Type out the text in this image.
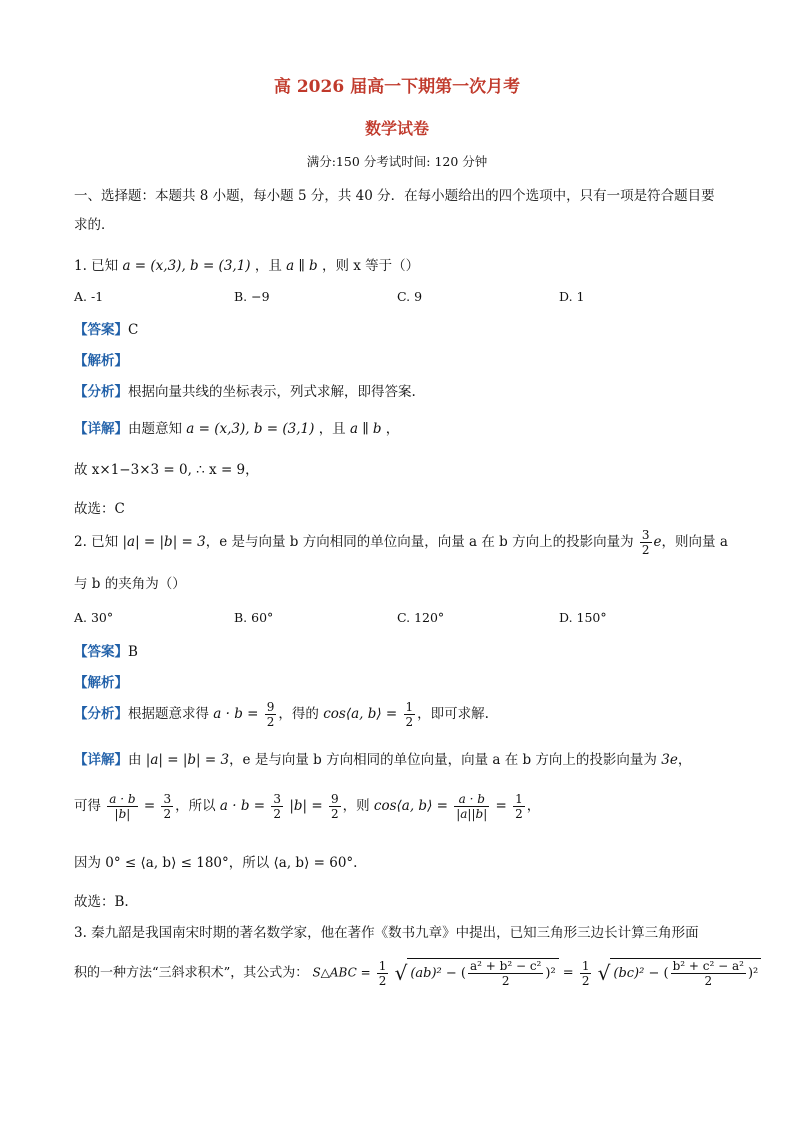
高 2026 届高一下期第一次月考
数学试卷
满分:150 分考试时间: 120 分钟
一、选择题：本题共 8 小题，每小题 5 分，共 40 分．在每小题给出的四个选项中，只有一项是符合题目要
求的．
1. 已知 a = (x,3), b = (3,1) ，且 a ∥ b ，则 x 等于（）
A. -1	B. −9	C. 9	D. 1
【答案】C
【解析】
【分析】根据向量共线的坐标表示，列式求解，即得答案.
【详解】由题意知 a = (x,3), b = (3,1) ，且 a ∥ b ，
故 x×1−3×3 = 0, ∴ x = 9，
故选：C
2. 已知 |a| = |b| = 3，e 是与向量 b 方向相同的单位向量，向量 a 在 b 方向上的投影向量为 $\frac{3}{2}$ e，则向量 a
与 b 的夹角为（）
A. 30°	B. 60°	C. 120°	D. 150°
【答案】B
【解析】
【分析】根据题意求得 $a \cdot b = \frac{9}{2}$ ，得的 cos⟨a, b⟩ = $\frac{1}{2}$ ，即可求解.
【详解】由 |a| = |b| = 3，e 是与向量 b 方向相同的单位向量，向量 a 在 b 方向上的投影向量为 3e，
可得 $\frac{a \cdot b}{|b|} = \frac{3}{2}$ ，所以 $a \cdot b = \frac{3}{2} |b| = \frac{9}{2}$ ，则 cos⟨a, b⟩ = $\frac{a \cdot b}{|a||b|} = \frac{1}{2}$ ，
因为 0° ≤ ⟨a, b⟩ ≤ 180°，所以 ⟨a, b⟩ = 60°.
故选：B.
3. 秦九韶是我国南宋时期的著名数学家，他在著作《数书九章》中提出，已知三角形三边长计算三角形面
积的一种方法“三斜求积术”，其公式为： S△ABC = $\frac{1}{2}$ √ (ab)² − ( $\frac{\text{a² + b² − c²}}{2} )^2 = \frac{1}{2}$ √ (bc)² − ( $\frac{\text{b² + c² − a²}}{2} )^2$
